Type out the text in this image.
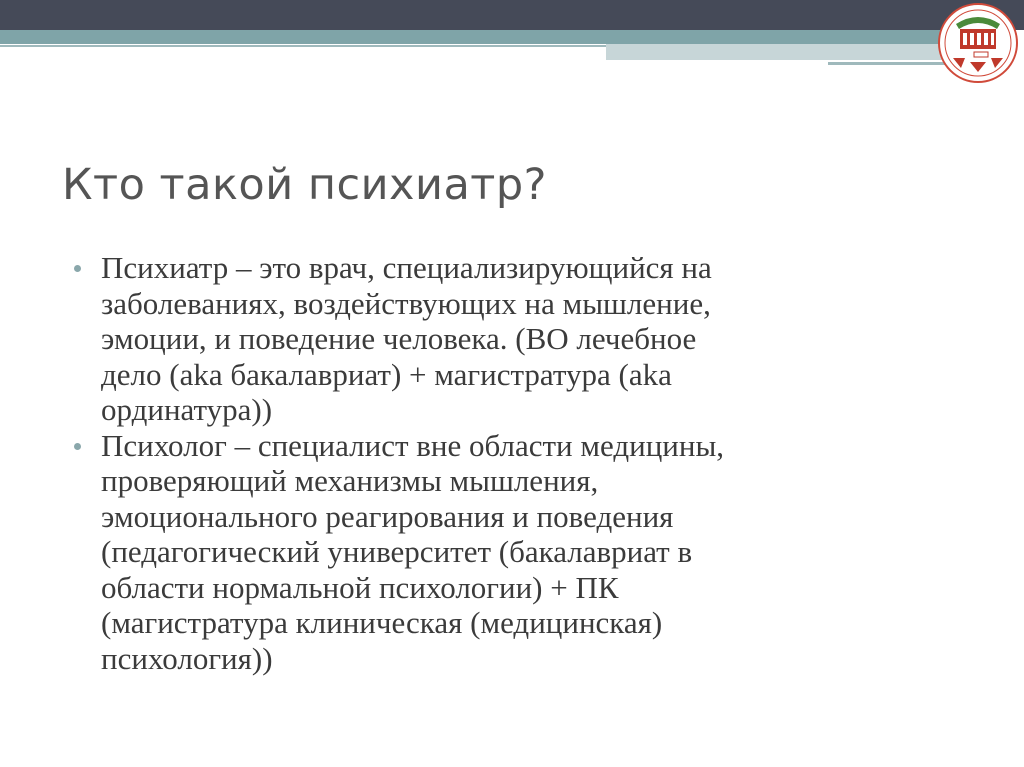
Кто такой психиатр?
Психиатр – это врач, специализирующийся на
заболеваниях, воздействующих на мышление,
эмоции, и поведение человека. (ВО лечебное
дело (aka бакалавриат) + магистратура (aka
ординатура))
Психолог – специалист вне области медицины,
проверяющий механизмы мышления,
эмоционального реагирования и поведения
(педагогический университет (бакалавриат в
области нормальной психологии) + ПК
(магистратура клиническая (медицинская)
психология))
